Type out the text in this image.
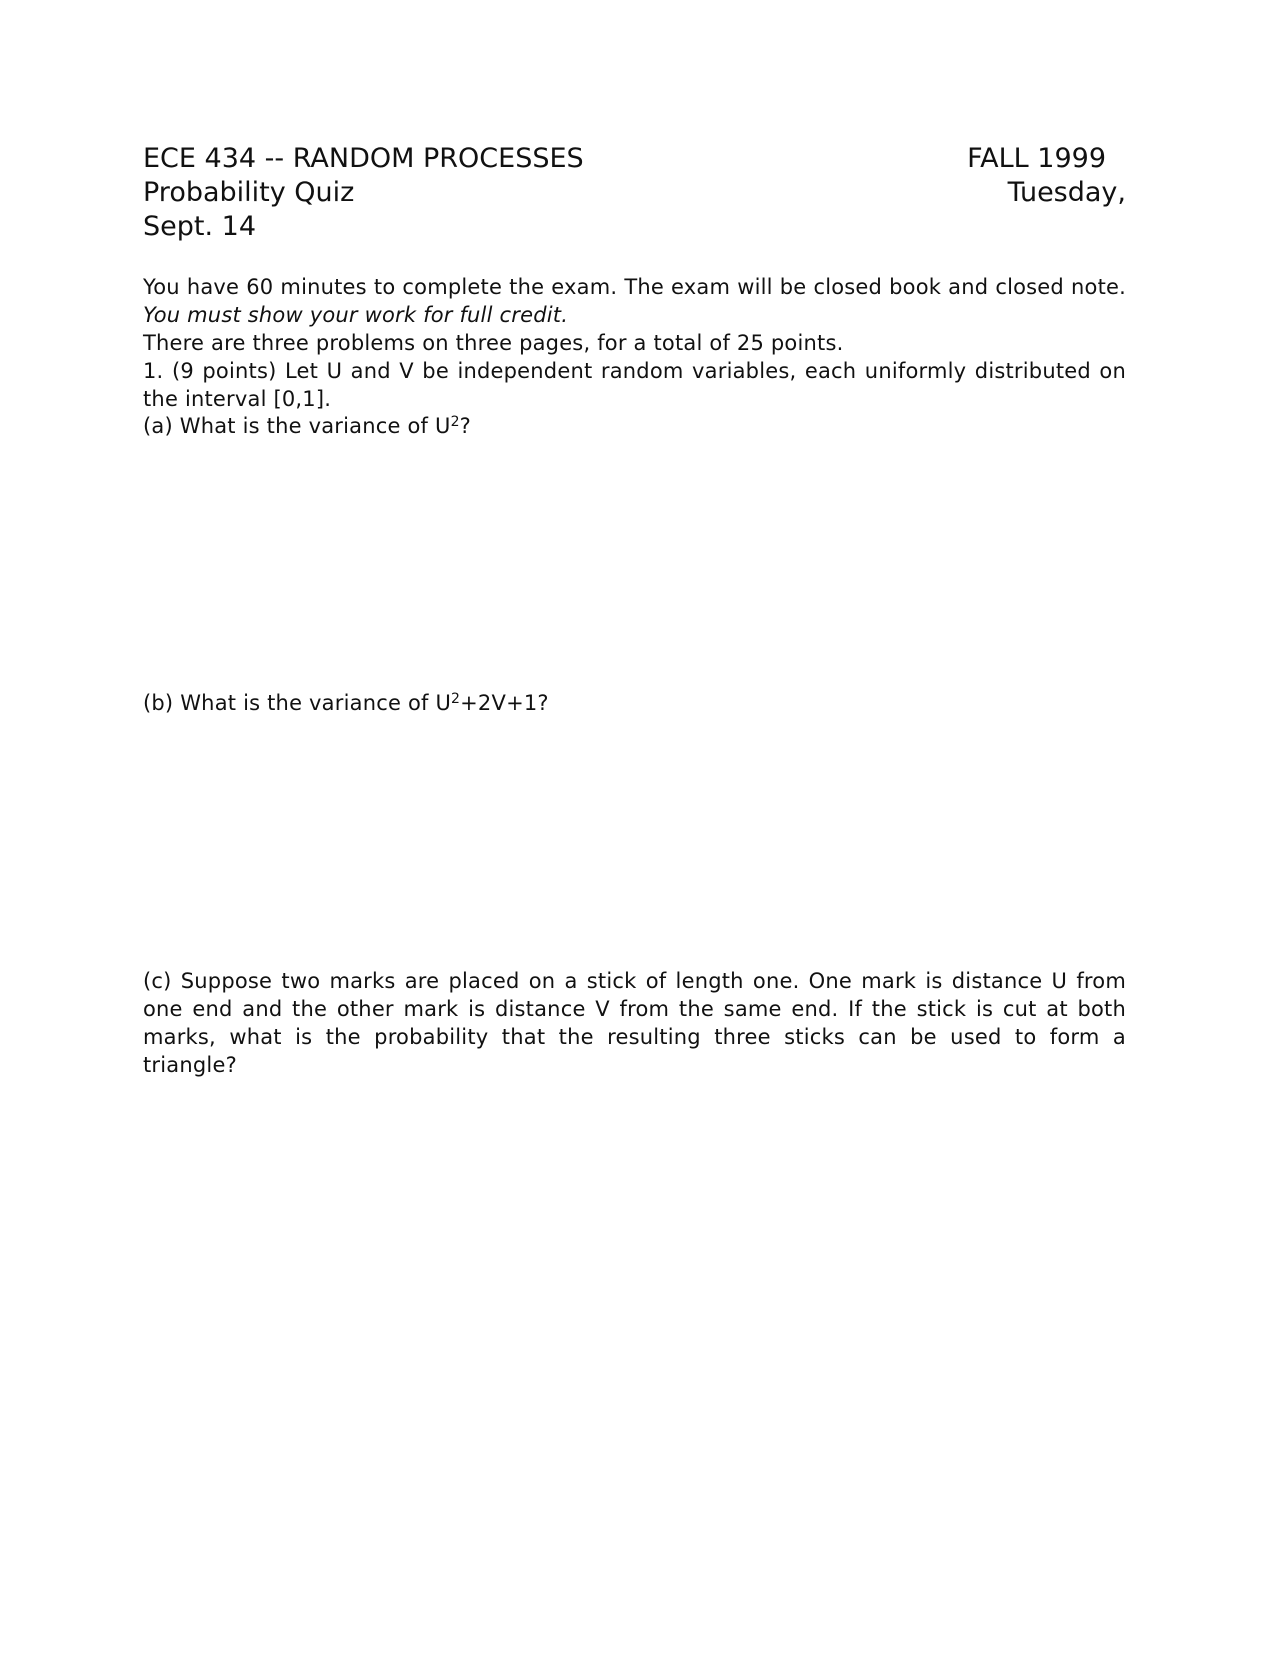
ECE 434 -- RANDOM PROCESSES
Probability Quiz
Sept. 14
FALL 1999
Tuesday,

You have 60 minutes to complete the exam. The exam will be closed book and closed note. You must show your work for full credit.

There are three problems on three pages, for a total of 25 points.

1. (9 points) Let U and V be independent random variables, each uniformly distributed on the interval [0,1].

(a) What is the variance of $U^2$?

(b) What is the variance of $U^2+2V+1$?

(c) Suppose two marks are placed on a stick of length one. One mark is distance U from one end and the other mark is distance V from the same end. If the stick is cut at both marks, what is the probability that the resulting three sticks can be used to form a triangle?
